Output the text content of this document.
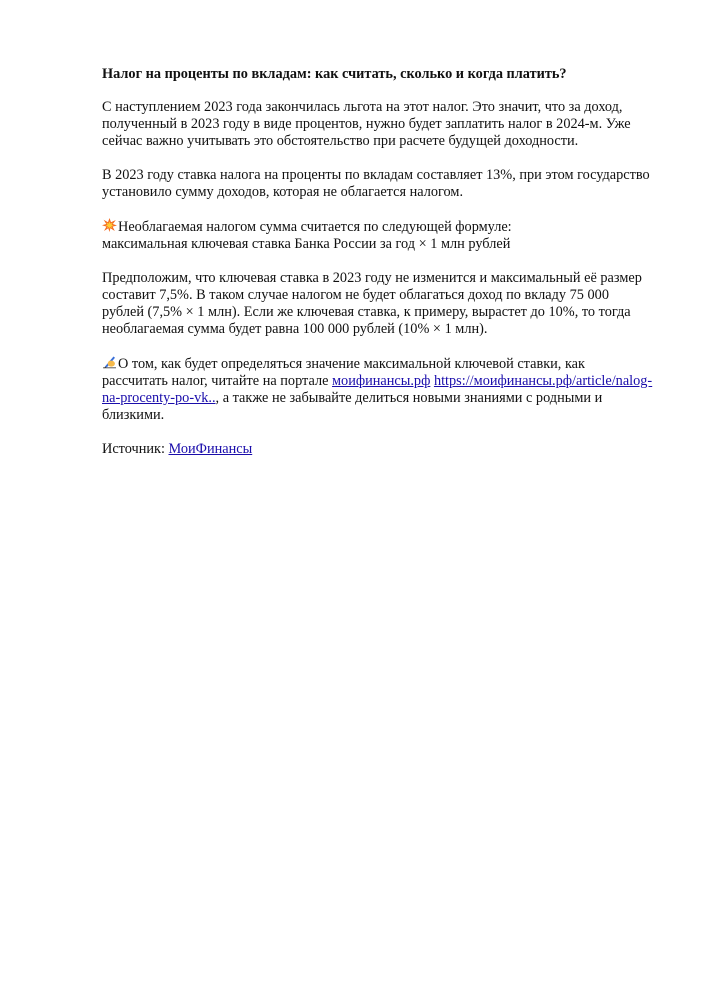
Налог на проценты по вкладам: как считать, сколько и когда платить?
С наступлением 2023 года закончилась льгота на этот налог. Это значит, что за доход,
полученный в 2023 году в виде процентов, нужно будет заплатить налог в 2024-м. Уже
сейчас важно учитывать это обстоятельство при расчете будущей доходности.
В 2023 году ставка налога на проценты по вкладам составляет 13%, при этом государство
установило сумму доходов, которая не облагается налогом.
Необлагаемая налогом сумма считается по следующей формуле:
максимальная ключевая ставка Банка России за год × 1 млн рублей
Предположим, что ключевая ставка в 2023 году не изменится и максимальный её размер
составит 7,5%. В таком случае налогом не будет облагаться доход по вкладу 75 000
рублей (7,5% × 1 млн). Если же ключевая ставка, к примеру, вырастет до 10%, то тогда
необлагаемая сумма будет равна 100 000 рублей (10% × 1 млн).
О том, как будет определяться значение максимальной ключевой ставки, как
рассчитать налог, читайте на портале моифинансы.рф https://моифинансы.рф/article/nalog-
na-procenty-po-vk.., а также не забывайте делиться новыми знаниями с родными и
близкими.
Источник: МоиФинансы
